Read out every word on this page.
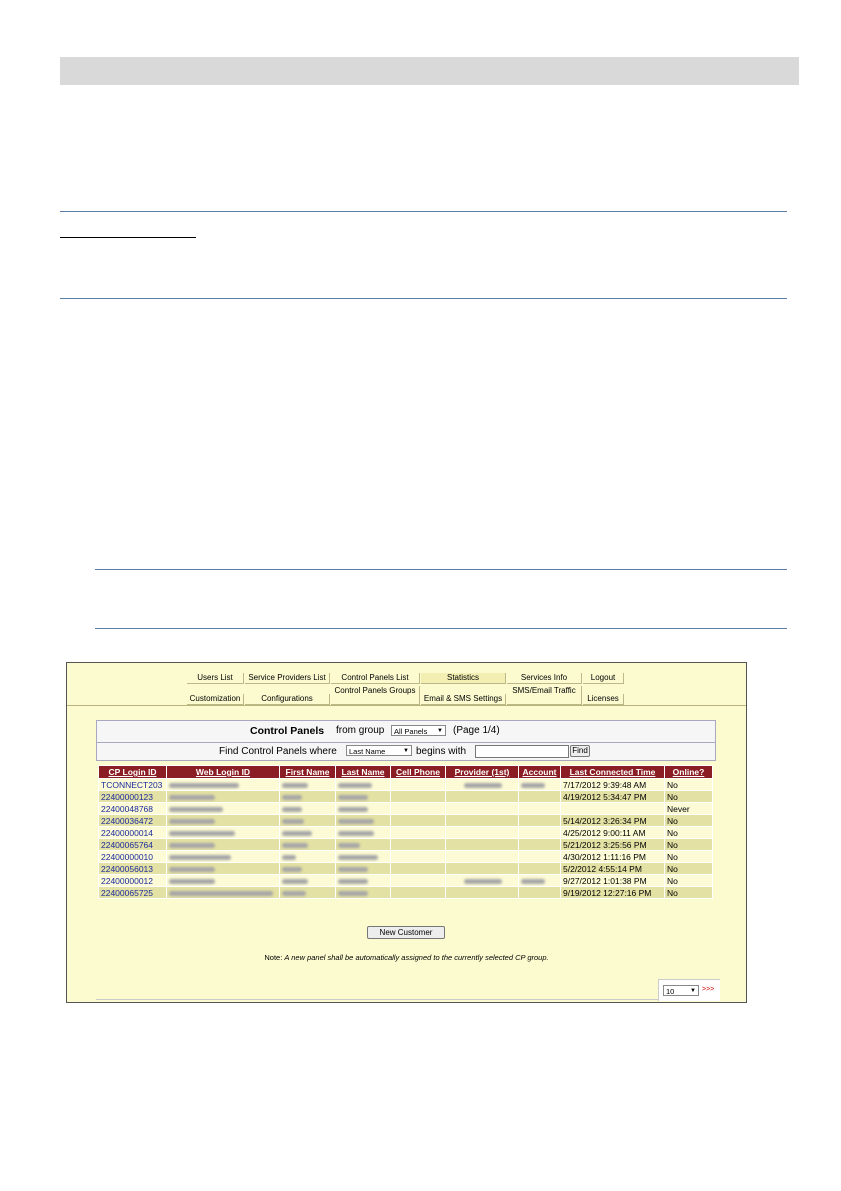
Users List	Service Providers List	Control Panels List	Statistics	Services Info	Logout
Customization	Configurations
Control Panels Groups
Email & SMS Settings
SMS/Email Traffic
Licenses
Control Panels from group	All Panels ▼ (Page 1/4)
Find Control Panels where	Last Name	▼ begins with	Find
CP Login ID	Web Login ID	First Name	Last Name	Cell Phone	Provider (1st)	Account	Last Connected Time	Online?
TCONNECT203							7/17/2012 9:39:48 AM	No
22400000123							4/19/2012 5:34:47 PM	No
22400048768								Never
22400036472							5/14/2012 3:26:34 PM	No
22400000014							4/25/2012 9:00:11 AM	No
22400065764							5/21/2012 3:25:56 PM	No
22400000010							4/30/2012 1:11:16 PM	No
22400056013							5/2/2012 4:55:14 PM	No
22400000012							9/27/2012 1:01:38 PM	No
22400065725							9/19/2012 12:27:16 PM	No
New Customer
Note: A new panel shall be automatically assigned to the currently selected CP group.
10	▼ >>>
